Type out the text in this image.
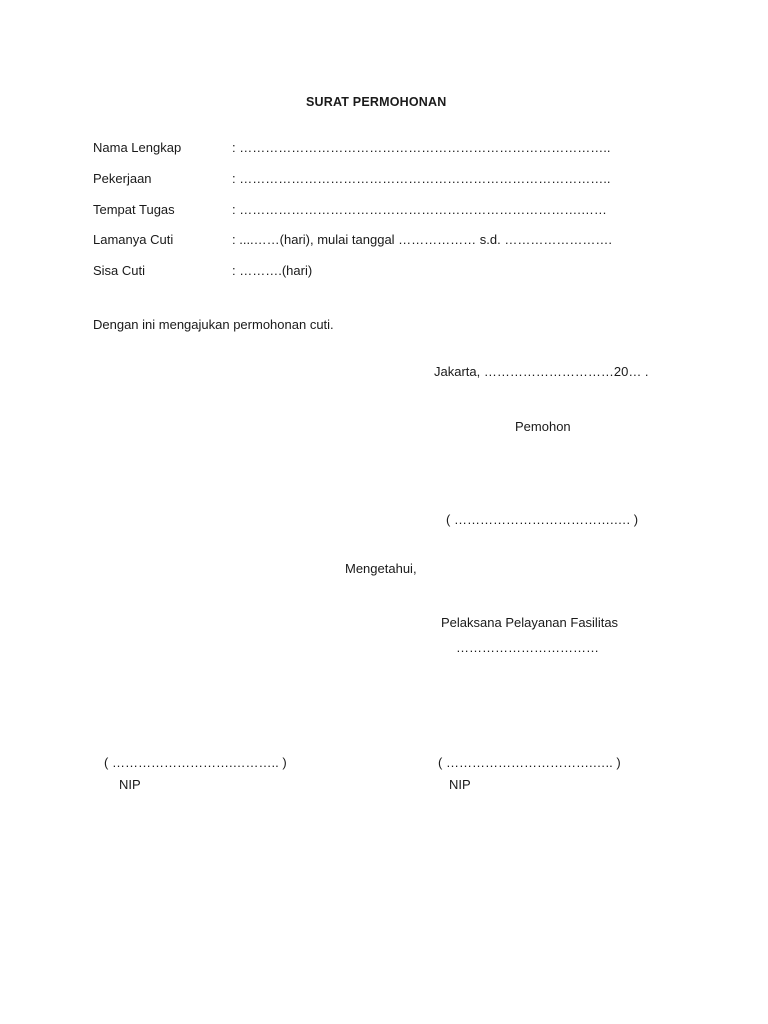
SURAT PERMOHONAN
Nama Lengkap	: …………………………………………………………………………..
Pekerjaan	: …………………………………………………………………………..
Tempat Tugas	: …………………………………………………………………….……
Lamanya Cuti	: ....……(hari), mulai tanggal ……………… s.d. …………………….
Sisa Cuti	: ……….(hari)
Dengan ini mengajukan permohonan cuti.
Jakarta, …………………………20… .
Pemohon
( ……………………………….…. )
Mengetahui,
Pelaksana Pelayanan Fasilitas
……………………………
( ……………………….……….. )
NIP
( …………………………….….. )
NIP
